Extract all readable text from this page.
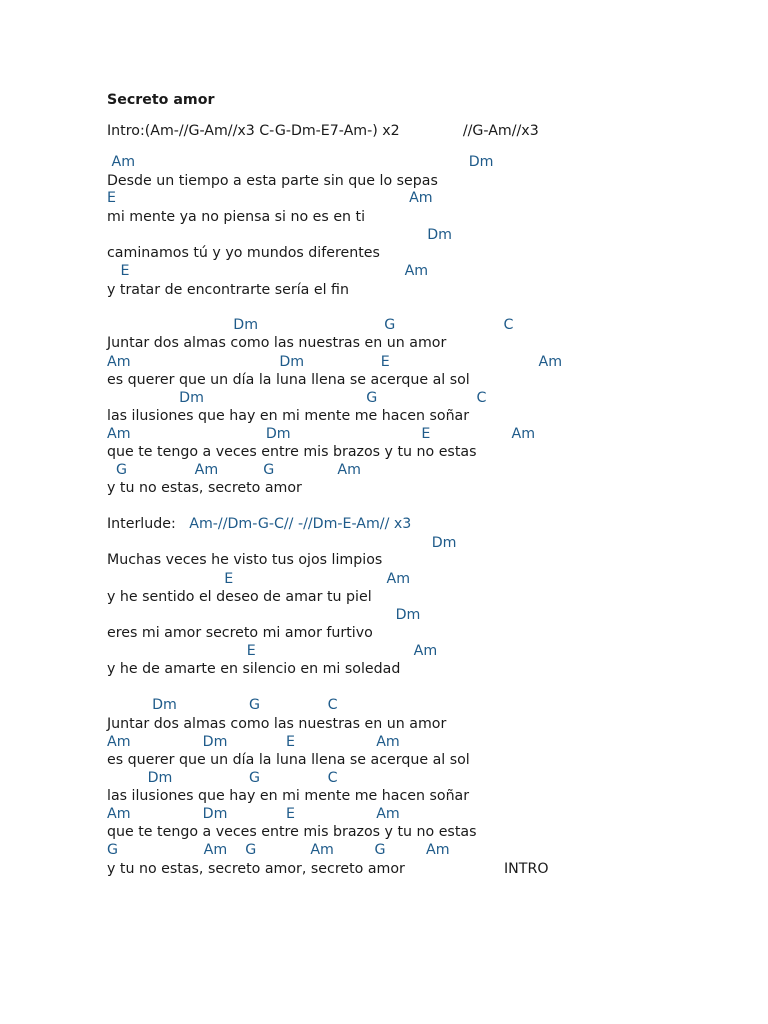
Secreto amor
Intro:(Am-//G-Am//x3 C-G-Dm-E7-Am-) x2              //G-Am//x3
Am                                                                          Dm
Desde un tiempo a esta parte sin que lo sepas
E                                                                 Am
mi mente ya no piensa si no es en ti
Dm
caminamos tú y yo mundos diferentes
E                                                             Am
y tratar de encontrarte sería el fin
Dm                            G                        C
Juntar dos almas como las nuestras en un amor
Am                                 Dm                 E                                 Am
es querer que un día la luna llena se acerque al sol
Dm                                    G                      C
las ilusiones que hay en mi mente me hacen soñar
Am                              Dm                             E                  Am
que te tengo a veces entre mis brazos y tu no estas
G               Am          G              Am
y tu no estas, secreto amor
Interlude: Am-//Dm-G-C// -//Dm-E-Am// x3
Dm
Muchas veces he visto tus ojos limpios
E                                  Am
y he sentido el deseo de amar tu piel
Dm
eres mi amor secreto mi amor furtivo
E                                   Am
y he de amarte en silencio en mi soledad
Dm                G               C
Juntar dos almas como las nuestras en un amor
Am                Dm             E                  Am
es querer que un día la luna llena se acerque al sol
Dm                 G               C
las ilusiones que hay en mi mente me hacen soñar
Am                Dm             E                  Am
que te tengo a veces entre mis brazos y tu no estas
G                   Am    G            Am         G         Am
y tu no estas, secreto amor, secreto amor	INTRO
